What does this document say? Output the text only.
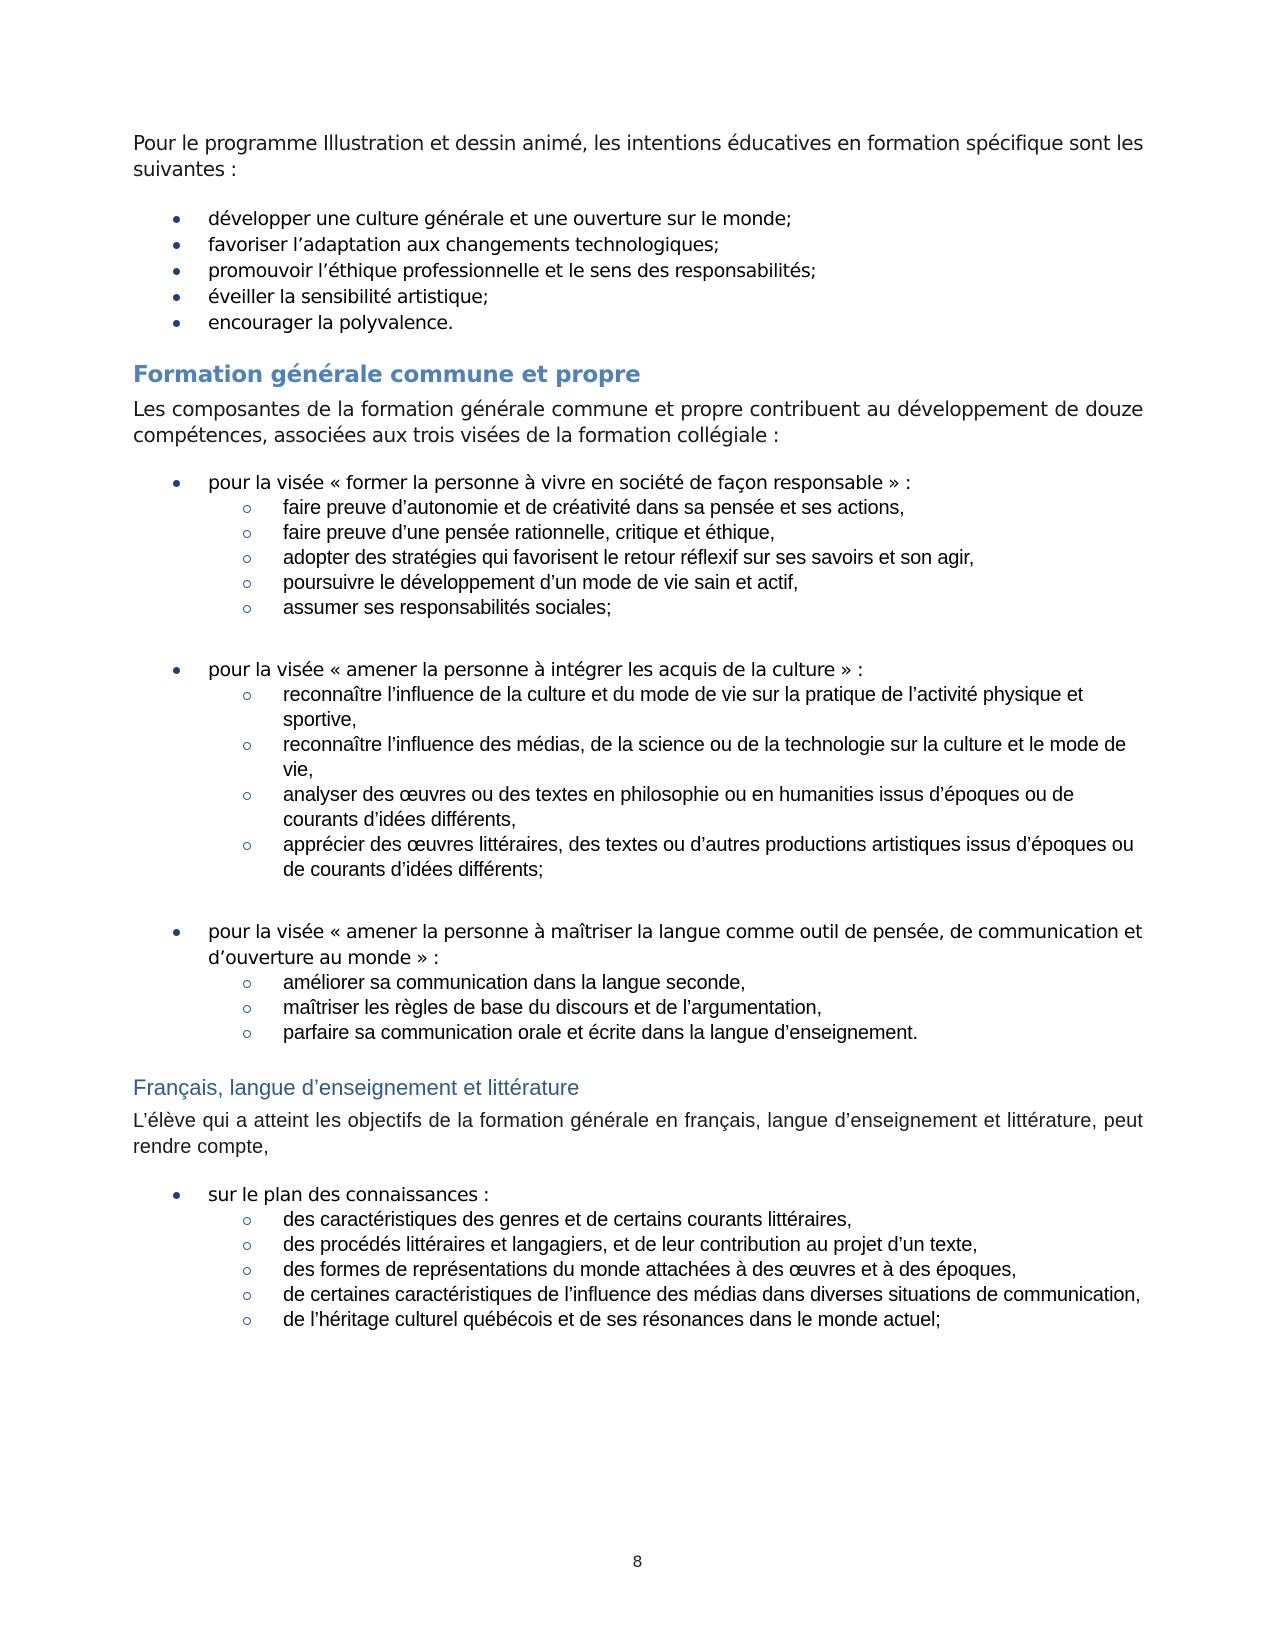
Pour le programme Illustration et dessin animé, les intentions éducatives en formation spécifique sont les suivantes :

développer une culture générale et une ouverture sur le monde;
favoriser l’adaptation aux changements technologiques;
promouvoir l’éthique professionnelle et le sens des responsabilités;
éveiller la sensibilité artistique;
encourager la polyvalence.
Formation générale commune et propre

Les composantes de la formation générale commune et propre contribuent au développement de douze compétences, associées aux trois visées de la formation collégiale :

pour la visée « former la personne à vivre en société de façon responsable » :
faire preuve d’autonomie et de créativité dans sa pensée et ses actions,
faire preuve d’une pensée rationnelle, critique et éthique,
adopter des stratégies qui favorisent le retour réflexif sur ses savoirs et son agir,
poursuivre le développement d’un mode de vie sain et actif,
assumer ses responsabilités sociales;
pour la visée « amener la personne à intégrer les acquis de la culture » :
reconnaître l’influence de la culture et du mode de vie sur la pratique de l’activité physique et sportive,
reconnaître l’influence des médias, de la science ou de la technologie sur la culture et le mode de vie,
analyser des œuvres ou des textes en philosophie ou en humanities issus d’époques ou de courants d’idées différents,
apprécier des œuvres littéraires, des textes ou d’autres productions artistiques issus d’époques ou de courants d’idées différents;
pour la visée « amener la personne à maîtriser la langue comme outil de pensée, de communication et d’ouverture au monde » :
améliorer sa communication dans la langue seconde,
maîtriser les règles de base du discours et de l’argumentation,
parfaire sa communication orale et écrite dans la langue d’enseignement.
Français, langue d’enseignement et littérature

L’élève qui a atteint les objectifs de la formation générale en français, langue d’enseignement et littérature, peut rendre compte,

sur le plan des connaissances :
des caractéristiques des genres et de certains courants littéraires,
des procédés littéraires et langagiers, et de leur contribution au projet d’un texte,
des formes de représentations du monde attachées à des œuvres et à des époques,
de certaines caractéristiques de l’influence des médias dans diverses situations de communication,
de l’héritage culturel québécois et de ses résonances dans le monde actuel;
8
